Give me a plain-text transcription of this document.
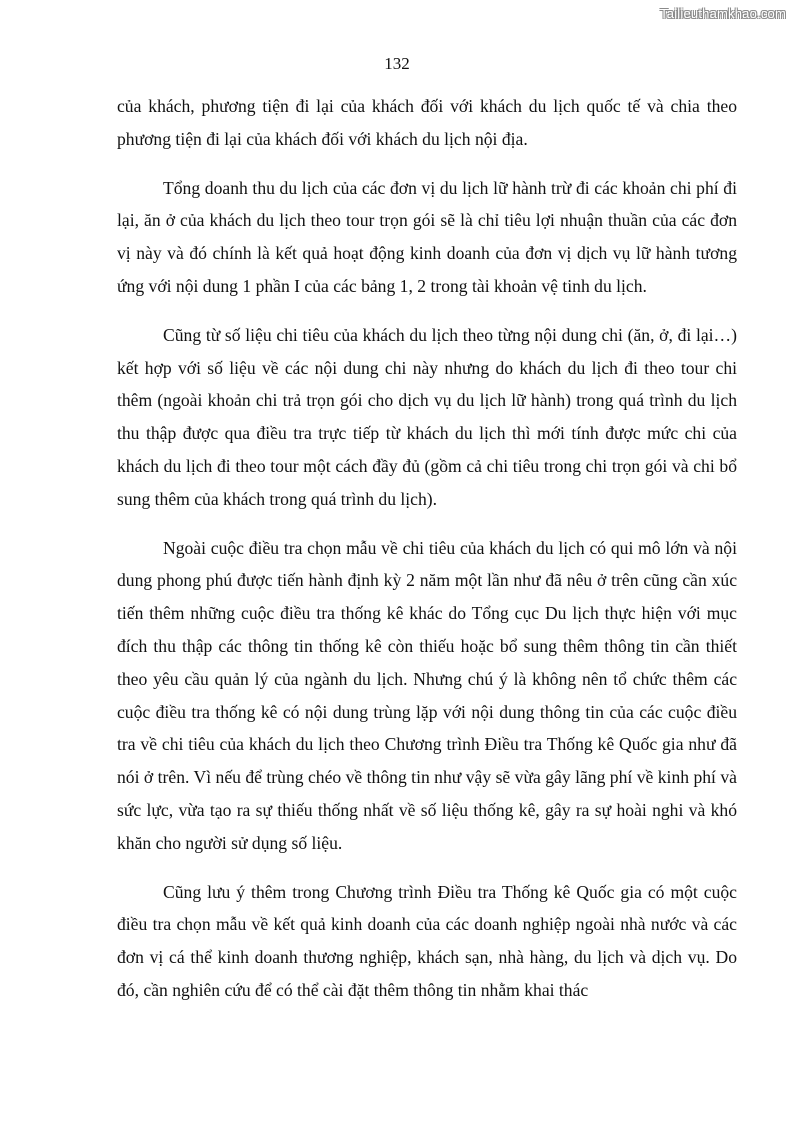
Tailieuthamkhao.com
132

của khách, phương tiện đi lại của khách đối với khách du lịch quốc tế và chia theo phương tiện đi lại của khách đối với khách du lịch nội địa.

Tổng doanh thu du lịch của các đơn vị du lịch lữ hành trừ đi các khoản chi phí đi lại, ăn ở của khách du lịch theo tour trọn gói sẽ là chỉ tiêu lợi nhuận thuần của các đơn vị này và đó chính là kết quả hoạt động kinh doanh của đơn vị dịch vụ lữ hành tương ứng với nội dung 1 phần I của các bảng 1, 2 trong tài khoản vệ tinh du lịch.

Cũng từ số liệu chi tiêu của khách du lịch theo từng nội dung chi (ăn, ở, đi lại…) kết hợp với số liệu về các nội dung chi này nhưng do khách du lịch đi theo tour chi thêm (ngoài khoản chi trả trọn gói cho dịch vụ du lịch lữ hành) trong quá trình du lịch thu thập được qua điều tra trực tiếp từ khách du lịch thì mới tính được mức chi của khách du lịch đi theo tour một cách đầy đủ (gồm cả chi tiêu trong chi trọn gói và chi bổ sung thêm của khách trong quá trình du lịch).

Ngoài cuộc điều tra chọn mẫu về chi tiêu của khách du lịch có qui mô lớn và nội dung phong phú được tiến hành định kỳ 2 năm một lần như đã nêu ở trên cũng cần xúc tiến thêm những cuộc điều tra thống kê khác do Tổng cục Du lịch thực hiện với mục đích thu thập các thông tin thống kê còn thiếu hoặc bổ sung thêm thông tin cần thiết theo yêu cầu quản lý của ngành du lịch. Nhưng chú ý là không nên tổ chức thêm các cuộc điều tra thống kê có nội dung trùng lặp với nội dung thông tin của các cuộc điều tra về chi tiêu của khách du lịch theo Chương trình Điều tra Thống kê Quốc gia như đã nói ở trên. Vì nếu để trùng chéo về thông tin như vậy sẽ vừa gây lãng phí về kinh phí và sức lực, vừa tạo ra sự thiếu thống nhất về số liệu thống kê, gây ra sự hoài nghi và khó khăn cho người sử dụng số liệu.

Cũng lưu ý thêm trong Chương trình Điều tra Thống kê Quốc gia có một cuộc điều tra chọn mẫu về kết quả kinh doanh của các doanh nghiệp ngoài nhà nước và các đơn vị cá thể kinh doanh thương nghiệp, khách sạn, nhà hàng, du lịch và dịch vụ. Do đó, cần nghiên cứu để có thể cài đặt thêm thông tin nhằm khai thác
